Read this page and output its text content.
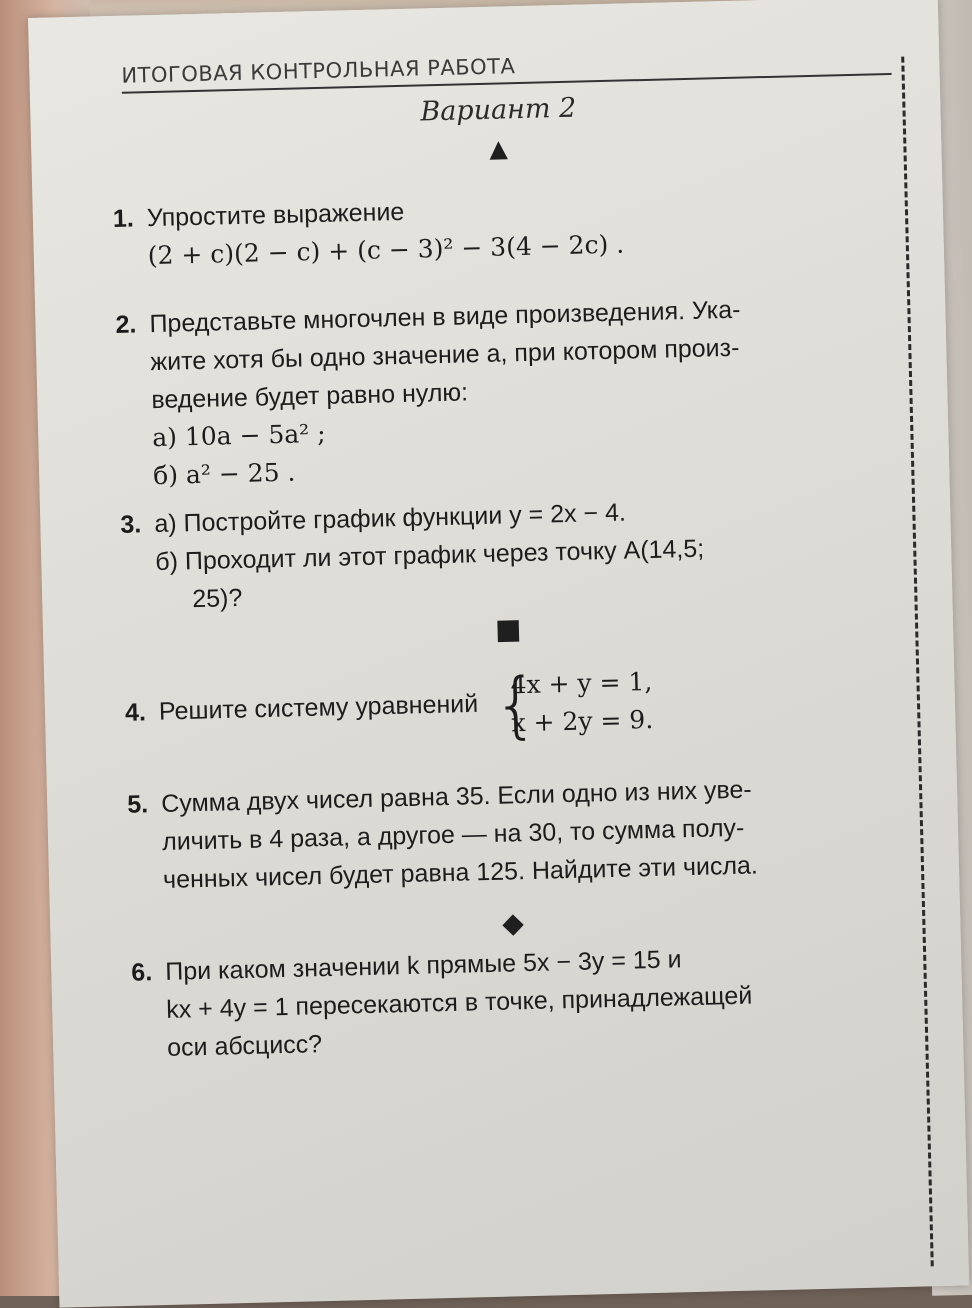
ИТОГОВАЯ КОНТРОЛЬНАЯ РАБОТА
Вариант 2
▲
■
◆
1. Упростите выражение
(2 + c)(2 − c) + (c − 3)² − 3(4 − 2c) .
2. Представьте многочлен в виде произведения. Ука-
жите хотя бы одно значение a, при котором произ-
ведение будет равно нулю:
а) 10a − 5a² ;
б) a² − 25 .
3. а) Постройте график функции y = 2x − 4.
б) Проходит ли этот график через точку A(14,5;
25)?
4. Решите систему уравнений {
4x + y = 1,
x + 2y = 9.
5. Сумма двух чисел равна 35. Если одно из них уве-
личить в 4 раза, а другое — на 30, то сумма полу-
ченных чисел будет равна 125. Найдите эти числа.
6. При каком значении k прямые 5x − 3y = 15 и
kx + 4y = 1 пересекаются в точке, принадлежащей
оси абсцисс?
